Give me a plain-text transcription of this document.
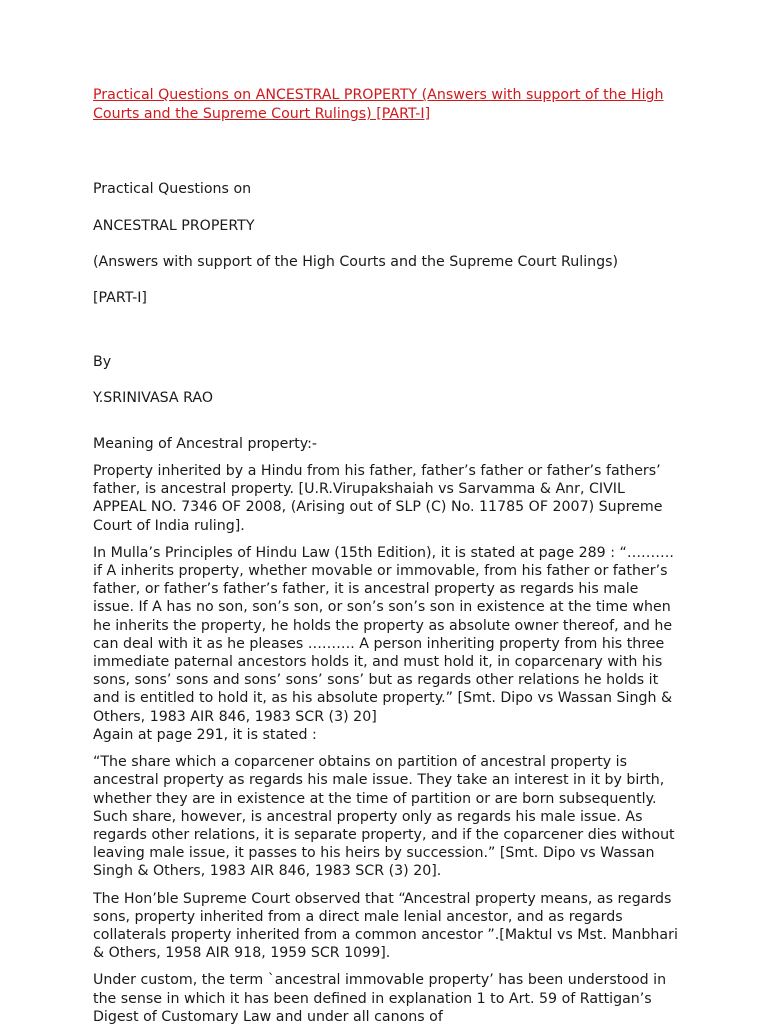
Practical Questions on ANCESTRAL PROPERTY (Answers with support of the High Courts and the Supreme Court Rulings) [PART-I]

Practical Questions on

ANCESTRAL PROPERTY

(Answers with support of the High Courts and the Supreme Court Rulings)

[PART-I]

By

Y.SRINIVASA RAO

Meaning of Ancestral property:-

Property inherited by a Hindu from his father, father’s father or father’s fathers’ father, is ancestral property. [U.R.Virupakshaiah vs Sarvamma & Anr, CIVIL APPEAL NO. 7346 OF 2008, (Arising out of SLP (C) No. 11785 OF 2007) Supreme Court of India ruling].

In Mulla’s Principles of Hindu Law (15th Edition), it is stated at page 289 : “………. if A inherits property, whether movable or immovable, from his father or father’s father, or father’s father’s father, it is ancestral property as regards his male issue. If A has no son, son’s son, or son’s son’s son in existence at the time when he inherits the property, he holds the property as absolute owner thereof, and he can deal with it as he pleases ………. A person inheriting property from his three immediate paternal ancestors holds it, and must hold it, in coparcenary with his sons, sons’ sons and sons’ sons’ sons’ but as regards other relations he holds it and is entitled to hold it, as his absolute property.” [Smt. Dipo vs Wassan Singh & Others, 1983 AIR 846, 1983 SCR (3) 20]

Again at page 291, it is stated :

“The share which a coparcener obtains on partition of ancestral property is ancestral property as regards his male issue. They take an interest in it by birth, whether they are in existence at the time of partition or are born subsequently. Such share, however, is ancestral property only as regards his male issue. As regards other relations, it is separate property, and if the coparcener dies without leaving male issue, it passes to his heirs by succession.” [Smt. Dipo vs Wassan Singh & Others, 1983 AIR 846, 1983 SCR (3) 20].

The Hon’ble Supreme Court observed that “Ancestral property means, as regards sons, property inherited from a direct male lenial ancestor, and as regards collaterals property inherited from a common ancestor ”.[Maktul vs Mst. Manbhari & Others, 1958 AIR 918, 1959 SCR 1099].

Under custom, the term `ancestral immovable property’ has been understood in the sense in which it has been defined in explanation 1 to Art. 59 of Rattigan’s Digest of Customary Law and under all canons of
